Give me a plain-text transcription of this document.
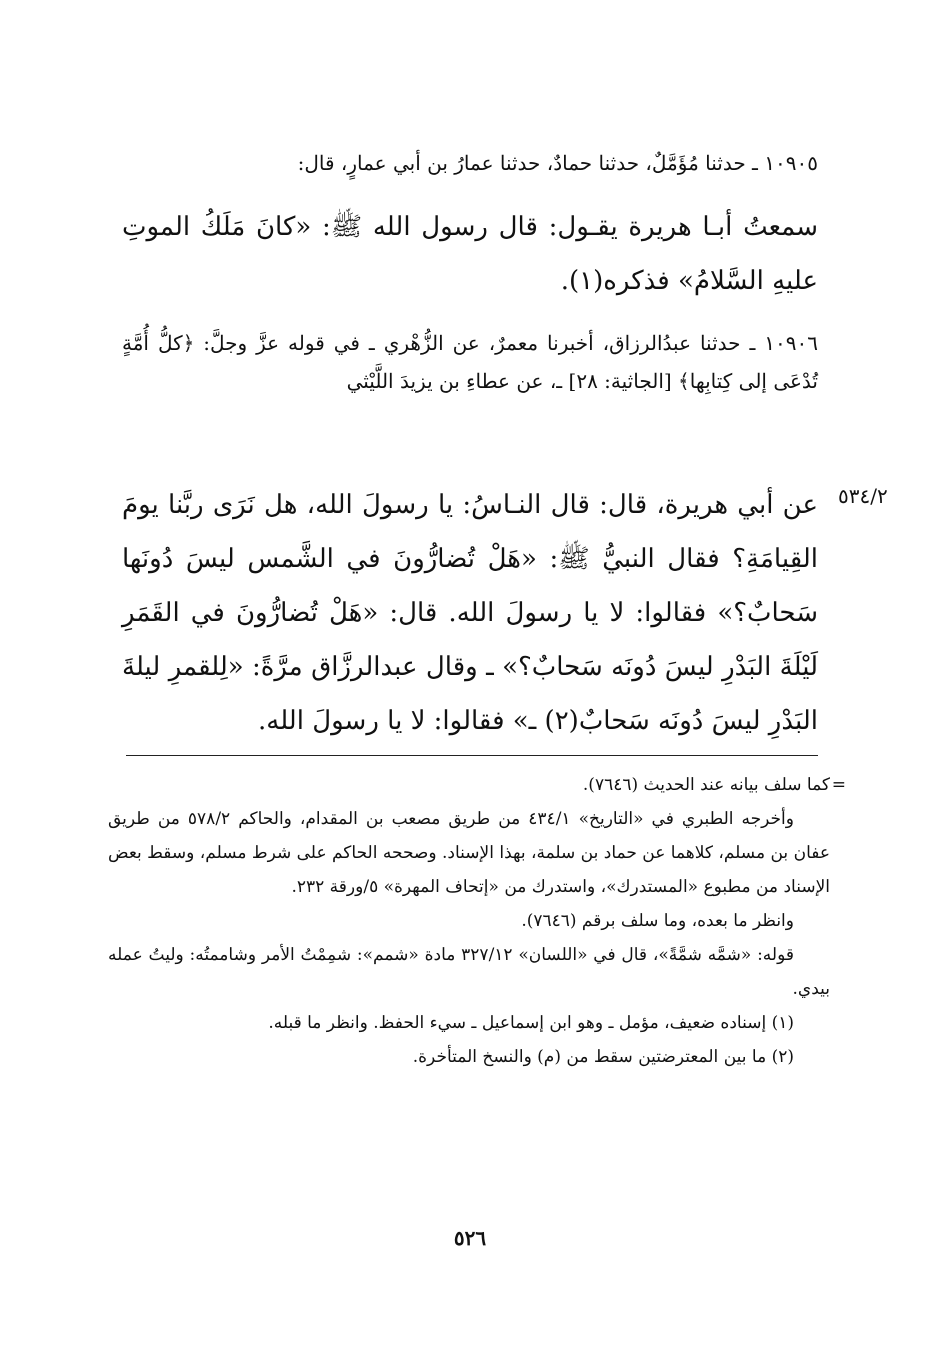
١٠٩٠٥ ـ حدثنا مُؤَمَّلٌ، حدثنا حمادٌ، حدثنا عمارُ بن أبي عمارٍ، قال:
سمعتُ أبـا هريرة يقـول: قال رسول الله ﷺ: «كانَ مَلَكُ الموتِ عليهِ السَّلامُ» فذكره(١).
١٠٩٠٦ ـ حدثنا عبدُالرزاق، أخبرنا معمرٌ، عن الزُّهْري ـ في قوله عزَّ وجلَّ: ﴿كلُّ أُمَّةٍ تُدْعَى إلى كِتابِها﴾ [الجاثية: ٢٨] ـ، عن عطاءِ بن يزيدَ اللَّيْثي
٥٣٤/٢
عن أبي هريرة، قال: قال النـاسُ: يا رسولَ الله، هل نَرَى ربَّنا يومَ القِيامَةِ؟ فقال النبيُّ ﷺ: «هَلْ تُضارُّونَ في الشَّمس ليسَ دُونَها سَحابٌ؟» فقالوا: لا يا رسولَ الله. قال: «هَلْ تُضارُّونَ في القَمَرِ لَيْلَةَ البَدْرِ ليسَ دُونَه سَحابٌ؟» ـ وقال عبدالرزَّاق مرَّةً: «لِلقمرِ ليلةَ البَدْرِ ليسَ دُونَه سَحابٌ(٢) ـ» فقالوا: لا يا رسولَ الله.

=
كما سلف بيانه عند الحديث (٧٦٤٦).

وأخرجه الطبري في «التاريخ» ٤٣٤/١ من طريق مصعب بن المقدام، والحاكم ٥٧٨/٢ من طريق عفان بن مسلم، كلاهما عن حماد بن سلمة، بهذا الإسناد. وصححه الحاكم على شرط مسلم، وسقط بعض الإسناد من مطبوع «المستدرك»، واستدرك من «إتحاف المهرة» ٥/ورقة ٢٣٢.

وانظر ما بعده، وما سلف برقم (٧٦٤٦).

قوله: «شمَّه شمَّةً»، قال في «اللسان» ٣٢٧/١٢ مادة «شمم»: شمِمْتُ الأمر وشاممتُه: وليتُ عمله بيدي.

(١) إسناده ضعيف، مؤمل ـ وهو ابن إسماعيل ـ سيء الحفظ. وانظر ما قبله.

(٢) ما بين المعترضتين سقط من (م) والنسخ المتأخرة.

٥٢٦
